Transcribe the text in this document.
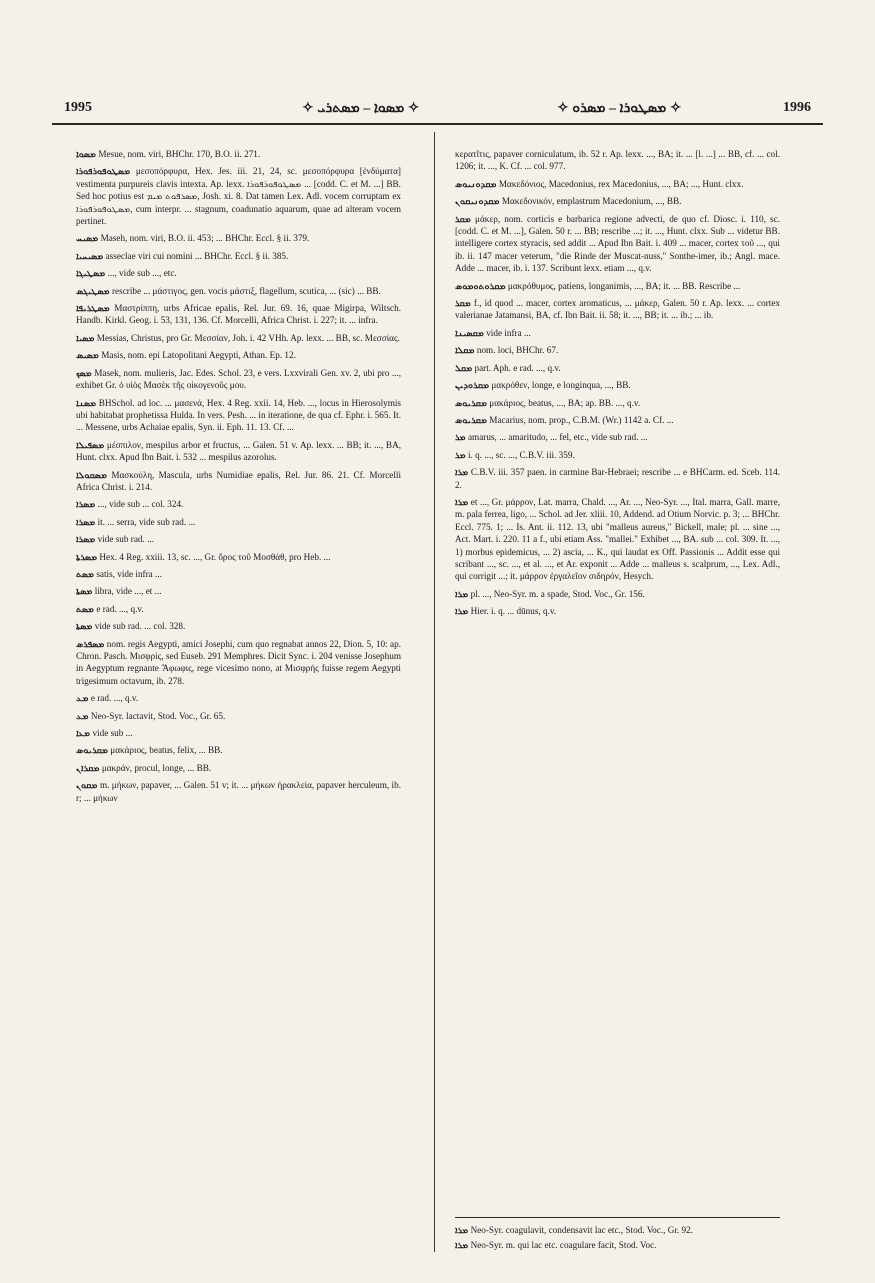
1995	✧ ܡܣܘܐ – ܡܣܬܪܝ ✧	✧ ܡܣܛܘܪܐ – ܡܣܪܘ ✧	1996

ܡܣܘܐ Mesue, nom. viri, BHChr. 170, B.O. ii. 271.

ܡܣܛܘܦܘܪܦܘܪܐ μεσοπόρφυρα, Hex. Jes. iii. 21, 24, sc. μεσοπόρφυρα [ἐνδύματα] vestimenta purpureis clavis intexta. Ap. lexx. ܡܣܛܘܦܘܪܦܘܪܐ ... [codd. C. et M. ...] BB. Sed hoc potius est ܡܣܪܦܘܬ ܡܝܡ, Josh. xi. 8. Dat tamen Lex. Adl. vocem corruptam ex ܡܣܛܘܦܘܪܦܘܪܐ, cum interpr. ... stagnum, coadunatio aquarum, quae ad alteram vocem pertinet.

ܡܣܝܚ Maseh, nom. viri, B.O. ii. 453; ... BHChr. Eccl. § ii. 379.

ܡܣܝܚܝܐ asseclae viri cui nomini ... BHChr. Eccl. § ii. 385.

ܡܣܛܝܓܐ ..., vide sub ..., etc.

ܡܣܛܝܓܣ rescribe ... μάστιγος, gen. vocis μάστιξ, flagellum, scutica, ... (sic) ... BB.

ܡܣܛܪܝܦܐ Μαστρίππη, urbs Africae epalis, Rel. Jur. 69. 16, quae Migirpa, Wiltsch. Handb. Kirkl. Geog. i. 53, 131, 136. Cf. Morcelli, Africa Christ. i. 227; it. ... infra.

ܡܣܝܐ Messias, Christus, pro Gr. Μεσσίαν, Joh. i. 42 VHh. Ap. lexx. ... BB, sc. Μεσσίας.

ܡܣܝܣ Masis, nom. epi Latopolitani Aegypti, Athan. Ep. 12.

ܡܣܟ Masek, nom. mulieris, Jac. Edes. Schol. 23, e vers. Lxxvirali Gen. xv. 2, ubi pro ..., exhibet Gr. ὁ υἱὸς Μασὲκ τῆς οἰκογενοῦς μου.

ܡܣܢܐ BHSchol. ad loc. ... μασενά, Hex. 4 Reg. xxii. 14, Heb. ..., locus in Hierosolymis ubi habitabat prophetissa Hulda. In vers. Pesh. ... in iteratione, de qua cf. Ephr. i. 565. It. ... Messene, urbs Achaiae epalis, Syn. ii. Eph. 11. 13. Cf. ...

ܡܣܦܝܠܐ μέσπιλον, mespilus arbor et fructus, ... Galen. 51 v. Ap. lexx. ... BB; it. ..., BA, Hunt. clxx. Apud Ibn Bait. i. 532 ... mespilus azorolus.

ܡܣܩܘܠܐ Μασκούλη, Mascula, urbs Numidiae epalis, Rel. Jur. 86. 21. Cf. Morcelli Africa Christ. i. 214.

ܡܣܪܐ ..., vide sub ... col. 324.

ܡܣܪܐ it. ... serra, vide sub rad. ...

ܡܣܪܐ vide sub rad. ...

ܡܣܪܬܐ Hex. 4 Reg. xxiii. 13, sc. ..., Gr. ὄρος τοῦ Μοσθάθ, pro Heb. ...

ܡܣܬ satis, vide infra ...

ܡܣܬܐ libra, vide ..., et ...

ܡܣܬ e rad. ..., q.v.

ܡܣܬܐ vide sub rad. ... col. 328.

ܡܣܦܪܣ nom. regis Aegypti, amici Josephi, cum quo regnabat annos 22, Dion. 5, 10: ap. Chron. Pasch. Μισφρίς, sed Euseb. 291 Memphres. Dicit Sync. i. 204 venisse Josephum in Aegyptum regnante Ἄφωφις, rege vicesimo nono, at Μισφρής fuisse regem Aegypti trigesimum octavum, ib. 278.

ܡܥ e rad. ..., q.v.

ܡܥ Neo-Syr. lactavit, Stod. Voc., Gr. 65.

ܡܥܐ vide sub ...

ܡܩܪܝܘܣ μακάριος, beatus, felix, ... BB.

ܡܩܪܐܢ μακράν, procul, longe, ... BB.

ܡܩܘܢ m. μήκων, papaver, ... Galen. 51 v; it. ... μήκων ἡρακλεία, papaver herculeum, ib. r; ... μήκων

κερατῖτις, papaver corniculatum, ib. 52 r. Ap. lexx. ..., BA; it. ... [l. ...] ... BB, cf. ... col. 1206; it. ..., K. Cf. ... col. 977.

ܡܩܕܘܢܝܘܣ Μακεδόνιος, Macedonius, rex Macedonius, ..., BA; ..., Hunt. clxx.

ܡܩܕܘܢܝܩܘܢ Μακεδονικόν, emplastrum Macedonium, ..., BB.

ܡܩܪ μάκερ, nom. corticis e barbarica regione advecti, de quo cf. Diosc. i. 110, sc. [codd. C. et M. ...], Galen. 50 r. ... BB; rescribe ...; it. ..., Hunt. clxx. Sub ... videtur BB. intelligere cortex styracis, sed addit ... Apud Ibn Bait. i. 409 ... macer, cortex τοῦ ..., qui ib. ii. 147 macer veterum, "die Rinde der Muscat-nuss," Sonthe-imer, ib.; Angl. mace. Adde ... macer, ib. i. 137. Scribunt lexx. etiam ..., q.v.

ܡܩܪܘܬܘܡܘܣ μακρόθυμος, patiens, longanimis, ..., BA; it. ... BB. Rescribe ...

ܡܩܪ f., id quod ... macer, cortex aromaticus, ... μάκερ, Galen. 50 r. Ap. lexx. ... cortex valerianae Jatamansi, BA, cf. Ibn Bait. ii. 58; it. ..., BB; it. ... ib.; ... ib.

ܡܩܣܝܢܐ vide infra ...

ܡܩܠܐ nom. loci, BHChr. 67.

ܡܩܠ part. Aph. e rad. ..., q.v.

ܡܩܪܘܕܝܢ μακρόθεν, longe, e longinqua, ..., BB.

ܡܩܪܝܘܣ μακάριος, beatus, ..., BA; ap. BB. ..., q.v.

ܡܩܪܝܘܣ Macarius, nom. prop., C.B.M. (Wr.) 1142 a. Cf. ...

ܡܪ amarus, ... amaritudo, ... fel, etc., vide sub rad. ...

ܡܪ i. q. ..., sc. ..., C.B.V. iii. 359.

ܡܪܐ C.B.V. iii. 357 paen. in carmine Bar-Hebraei; rescribe ... e BHCarm. ed. Sceb. 114. 2.

ܡܪܐ et ..., Gr. μάρρον, Lat. marra, Chald. ..., Ar. ..., Neo-Syr. ..., Ital. marra, Gall. marre, m. pala ferrea, ligo, ... Schol. ad Jer. xliii. 10, Addend. ad Otium Norvic. p. 3; ... BHChr. Eccl. 775. 1; ... Is. Ant. ii. 112. 13, ubi "malleus aureus," Bickell, male; pl. ... sine ..., Act. Mart. i. 220. 11 a f., ubi etiam Ass. "mallei." Exhibet ..., BA. sub ... col. 309. It. ..., 1) morbus epidemicus, ... 2) ascia, ... K., qui laudat ex Off. Passionis ... Addit esse qui scribant ..., sc. ..., et al. ..., et Ar. exponit ... Adde ... malleus s. scalprum, ..., Lex. Adl., qui corrigit ...; it. μάρρον ἐργαλεῖον σιδηρόν, Hesych.

ܡܪܐ pl. ..., Neo-Syr. m. a spade, Stod. Voc., Gr. 156.

ܡܪܐ Hier. i. q. ... dūnus, q.v.

ܡܪܐ Neo-Syr. coagulavit, condensavit lac etc., Stod. Voc., Gr. 92.

ܡܪܐ Neo-Syr. m. qui lac etc. coagulare facit, Stod. Voc.
